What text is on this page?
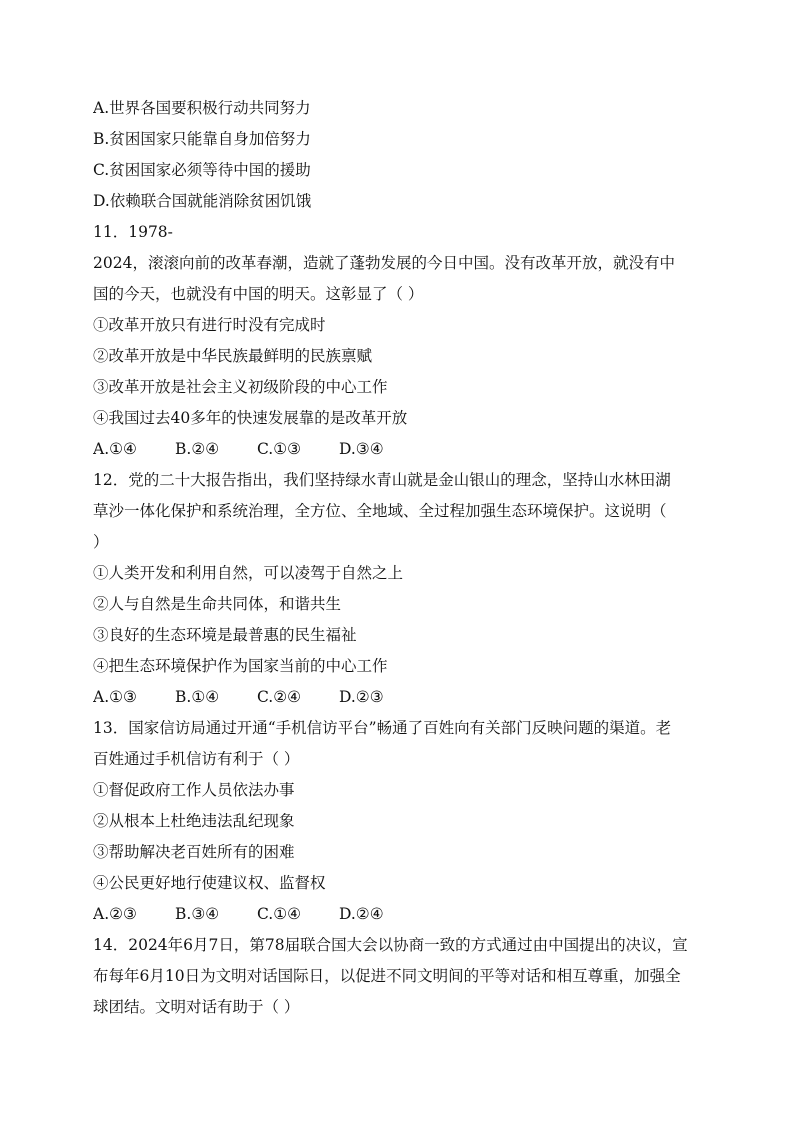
A.世界各国要积极行动共同努力
B.贫困国家只能靠自身加倍努力
C.贫困国家必须等待中国的援助
D.依赖联合国就能消除贫困饥饿
11．1978-
2024，滚滚向前的改革春潮，造就了蓬勃发展的今日中国。没有改革开放，就没有中
国的今天，也就没有中国的明天。这彰显了（ ）
①改革开放只有进行时没有完成时
②改革开放是中华民族最鲜明的民族禀赋
③改革开放是社会主义初级阶段的中心工作
④我国过去40多年的快速发展靠的是改革开放
A.①④	B.②④	C.①③	D.③④
12．党的二十大报告指出，我们坚持绿水青山就是金山银山的理念，坚持山水林田湖
草沙一体化保护和系统治理，全方位、全地域、全过程加强生态环境保护。这说明（
）
①人类开发和利用自然，可以凌驾于自然之上
②人与自然是生命共同体，和谐共生
③良好的生态环境是最普惠的民生福祉
④把生态环境保护作为国家当前的中心工作
A.①③	B.①④	C.②④	D.②③
13．国家信访局通过开通“手机信访平台”畅通了百姓向有关部门反映问题的渠道。老
百姓通过手机信访有利于（ ）
①督促政府工作人员依法办事
②从根本上杜绝违法乱纪现象
③帮助解决老百姓所有的困难
④公民更好地行使建议权、监督权
A.②③	B.③④	C.①④	D.②④
14．2024年6月7日，第78届联合国大会以协商一致的方式通过由中国提出的决议，宣
布每年6月10日为文明对话国际日，以促进不同文明间的平等对话和相互尊重，加强全
球团结。文明对话有助于（ ）
